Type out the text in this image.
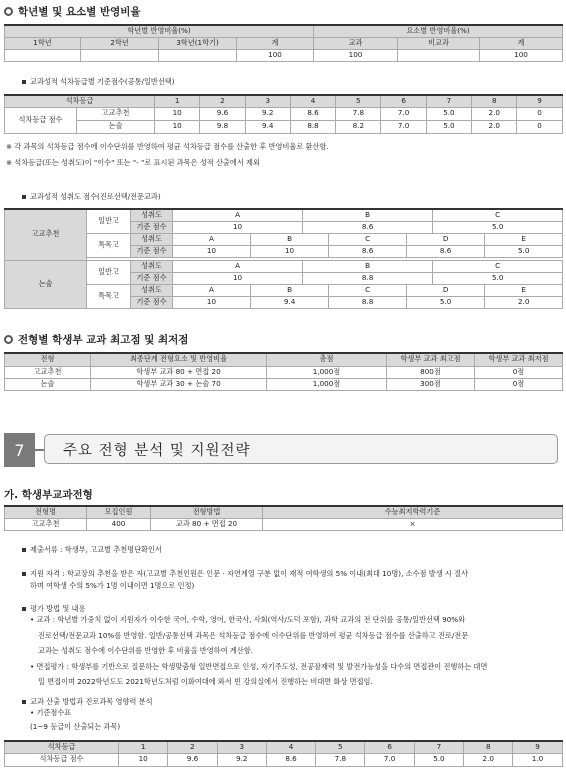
학년별 및 요소별 반영비율
학년별 반영비율(%)				요소별 반영비율(%)		
1학년	2학년	3학년(1학기)	계	교과	비교과	계
			100	100		100
교과성적 석차등급별 기준점수(공통/일반선택)
석차등급		1	2	3	4	5	6	7	8	9
석차등급 점수	고교추천	10	9.6	9.2	8.6	7.8	7.0	5.0	2.0	0
	논술	10	9.8	9.4	8.8	8.2	7.0	5.0	2.0	0
※ 각 과목의 석차등급 점수에 이수단위를 반영하여 평균 석차등급 점수를 산출한 후 반영비율로 환산함.
※ 석차등급(또는 성취도)이 "이수" 또는 "- "로 표시된 과목은 성적 산출에서 제외
교과성적 성취도 점수(진로선택/전문교과)
고교추천	일반고	성취도	A		B			C	
		기준 점수	10		8.6			5.0	
	특목고	성취도	A	B		C	D		E
		기준 점수	10	10		8.6	8.6		5.0

논술	일반고	성취도	A		B			C	
		기준 점수	10		8.8			5.0	
	특목고	성취도	A	B		C	D		E
		기준 점수	10	9.4		8.8	5.0		2.0
전형별 학생부 교과 최고점 및 최저점
전형	최종단계 전형요소 및 반영비율	총점	학생부 교과 최고점	학생부 교과 최저점
고교추천	학생부 교과 80 + 면접 20	1,000점	800점	0점
논술	학생부 교과 30 + 논술 70	1,000점	300점	0점
7	주요 전형 분석 및 지원전략
가. 학생부교과전형
전형명	모집인원	전형방법	수능최저학력기준
고교추천	400	교과 80 + 면접 20	×
제출서류 : 학생부, 고교별 추천명단확인서
지원 자격 : 학교장의 추천을 받은 자(고교별 추천인원은 인문 · 자연계열 구분 없이 재적 여학생의 5% 이내(최대 10명), 소수점 발생 시 절사
하며 여학생 수의 5%가 1명 이내이면 1명으로 인정)
평가 방법 및 내용
• 교과 : 학년별 가중치 없이 지원자가 이수한 국어, 수학, 영어, 한국사, 사회(역사/도덕 포함), 과학 교과의 전 단위를 공통/일반선택 90%와
진로선택/전문교과 10%를 반영함. 일반/공통선택 과목은 석차등급 점수에 이수단위를 반영하여 평균 석차등급 점수를 산출하고 진로/전문
교과는 성취도 점수에 이수단위를 반영한 후 비율을 반영하여 계산함.
• 면접평가 : 학생부를 기반으로 질문하는 학생맞춤형 일반면접으로 인성, 자기주도성, 전공잠재력 및 발전가능성을 다수의 면접관이 진행하는 대면
일 면접이며 2022학년도도 2021학년도처럼 이화여대에 와서 빈 강의실에서 진행하는 비대면 화상 면접임.
교과 산출 방법과 진로과목 영향력 분석
• 기준점수표
(1~9 등급이 산출되는 과목)
석차등급	1	2	3	4	5	6	7	8	9
석차등급 점수	10	9.6	9.2	8.6	7.8	7.0	5.0	2.0	1.0
